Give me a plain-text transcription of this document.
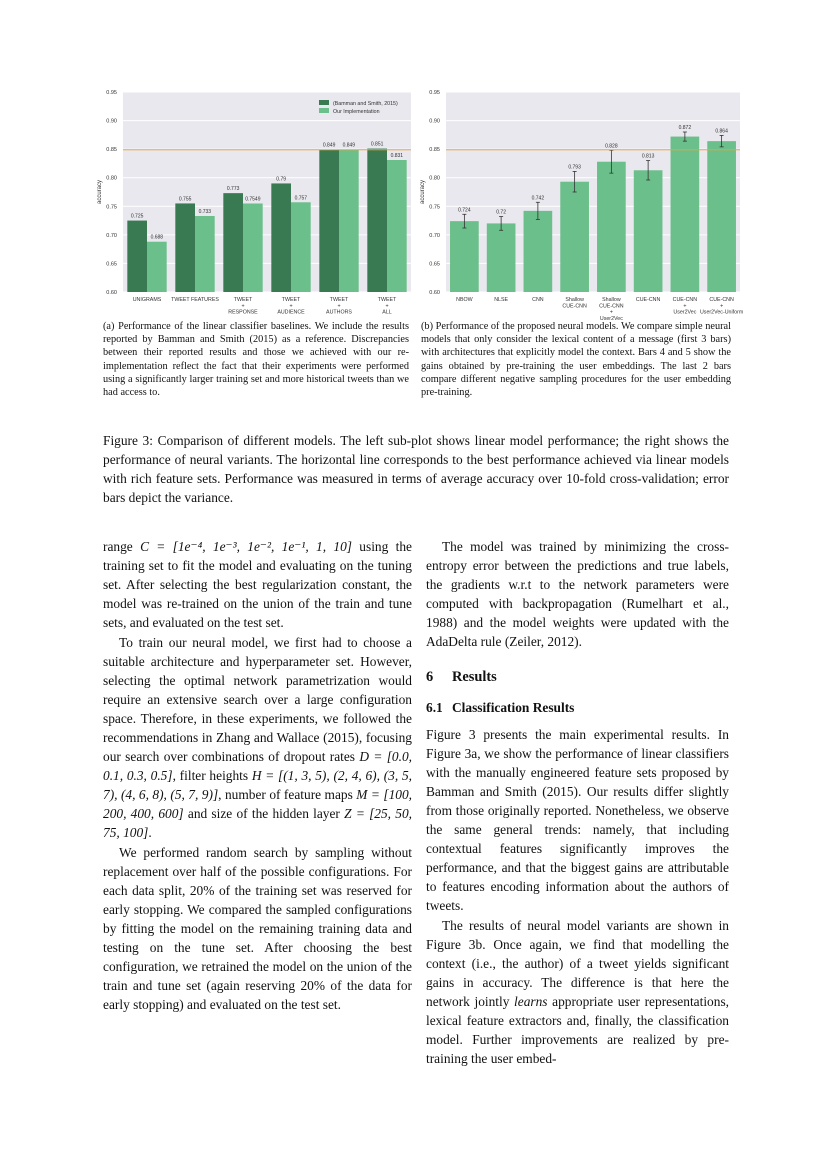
0.60
0.65
0.70
0.75
0.80
0.85
0.90
0.95
accuracy
0.725
0.755
0.773
0.79
0.849	0.851
0.688
0.733
0.7549	0.757
0.849
0.831
UNIGRAMS TWEET FEATURES	TWEET
+
RESPONSE
TWEET
+
AUDIENCE
TWEET
+
AUTHORS
TWEET
+
ALL
(Bamman and Smith, 2015)
Our Implementation
0.60
0.65
0.70
0.75
0.80
0.85
0.90
0.95
accuracy
0.724	0.72
0.742
0.793
0.828
0.813
0.872
0.864
NBOW	NLSE	CNN	Shallow
CUE-CNN
Shallow
CUE-CNN
+
User2Vec
CUE-CNN CUE-CNN
+
User2Vec
CUE-CNN
+
User2Vec-Uniform
(a) Performance of the linear classifier baselines. We include the results reported by Bamman and Smith (2015) as a reference. Discrepancies between their reported results and those we achieved with our re-implementation reflect the fact that their experiments were performed using a significantly larger training set and more historical tweets than we had access to.
(b) Performance of the proposed neural models. We compare simple neural models that only consider the lexical content of a message (first 3 bars) with architectures that explicitly model the context. Bars 4 and 5 show the gains obtained by pre-training the user embeddings. The last 2 bars compare different negative sampling procedures for the user embedding pre-training.
Figure 3: Comparison of different models. The left sub-plot shows linear model performance; the right shows the performance of neural variants. The horizontal line corresponds to the best performance achieved via linear models with rich feature sets. Performance was measured in terms of average accuracy over 10-fold cross-validation; error bars depict the variance.

range C = [1e⁻⁴, 1e⁻³, 1e⁻², 1e⁻¹, 1, 10] using the training set to fit the model and evaluating on the tuning set. After selecting the best regularization constant, the model was re-trained on the union of the train and tune sets, and evaluated on the test set.

To train our neural model, we first had to choose a suitable architecture and hyperparameter set. However, selecting the optimal network parametrization would require an extensive search over a large configuration space. Therefore, in these experiments, we followed the recommendations in Zhang and Wallace (2015), focusing our search over combinations of dropout rates D = [0.0, 0.1, 0.3, 0.5], filter heights H = [(1, 3, 5), (2, 4, 6), (3, 5, 7), (4, 6, 8), (5, 7, 9)], number of feature maps M = [100, 200, 400, 600] and size of the hidden layer Z = [25, 50, 75, 100].

We performed random search by sampling without replacement over half of the possible configurations. For each data split, 20% of the training set was reserved for early stopping. We compared the sampled configurations by fitting the model on the remaining training data and testing on the tune set. After choosing the best configuration, we retrained the model on the union of the train and tune set (again reserving 20% of the data for early stopping) and evaluated on the test set.

The model was trained by minimizing the cross-entropy error between the predictions and true labels, the gradients w.r.t to the network parameters were computed with backpropagation (Rumelhart et al., 1988) and the model weights were updated with the AdaDelta rule (Zeiler, 2012).

6 Results
6.1 Classification Results

Figure 3 presents the main experimental results. In Figure 3a, we show the performance of linear classifiers with the manually engineered feature sets proposed by Bamman and Smith (2015). Our results differ slightly from those originally reported. Nonetheless, we observe the same general trends: namely, that including contextual features significantly improves the performance, and that the biggest gains are attributable to features encoding information about the authors of tweets.

The results of neural model variants are shown in Figure 3b. Once again, we find that modelling the context (i.e., the author) of a tweet yields significant gains in accuracy. The difference is that here the network jointly learns appropriate user representations, lexical feature extractors and, finally, the classification model. Further improvements are realized by pre-training the user embed-
